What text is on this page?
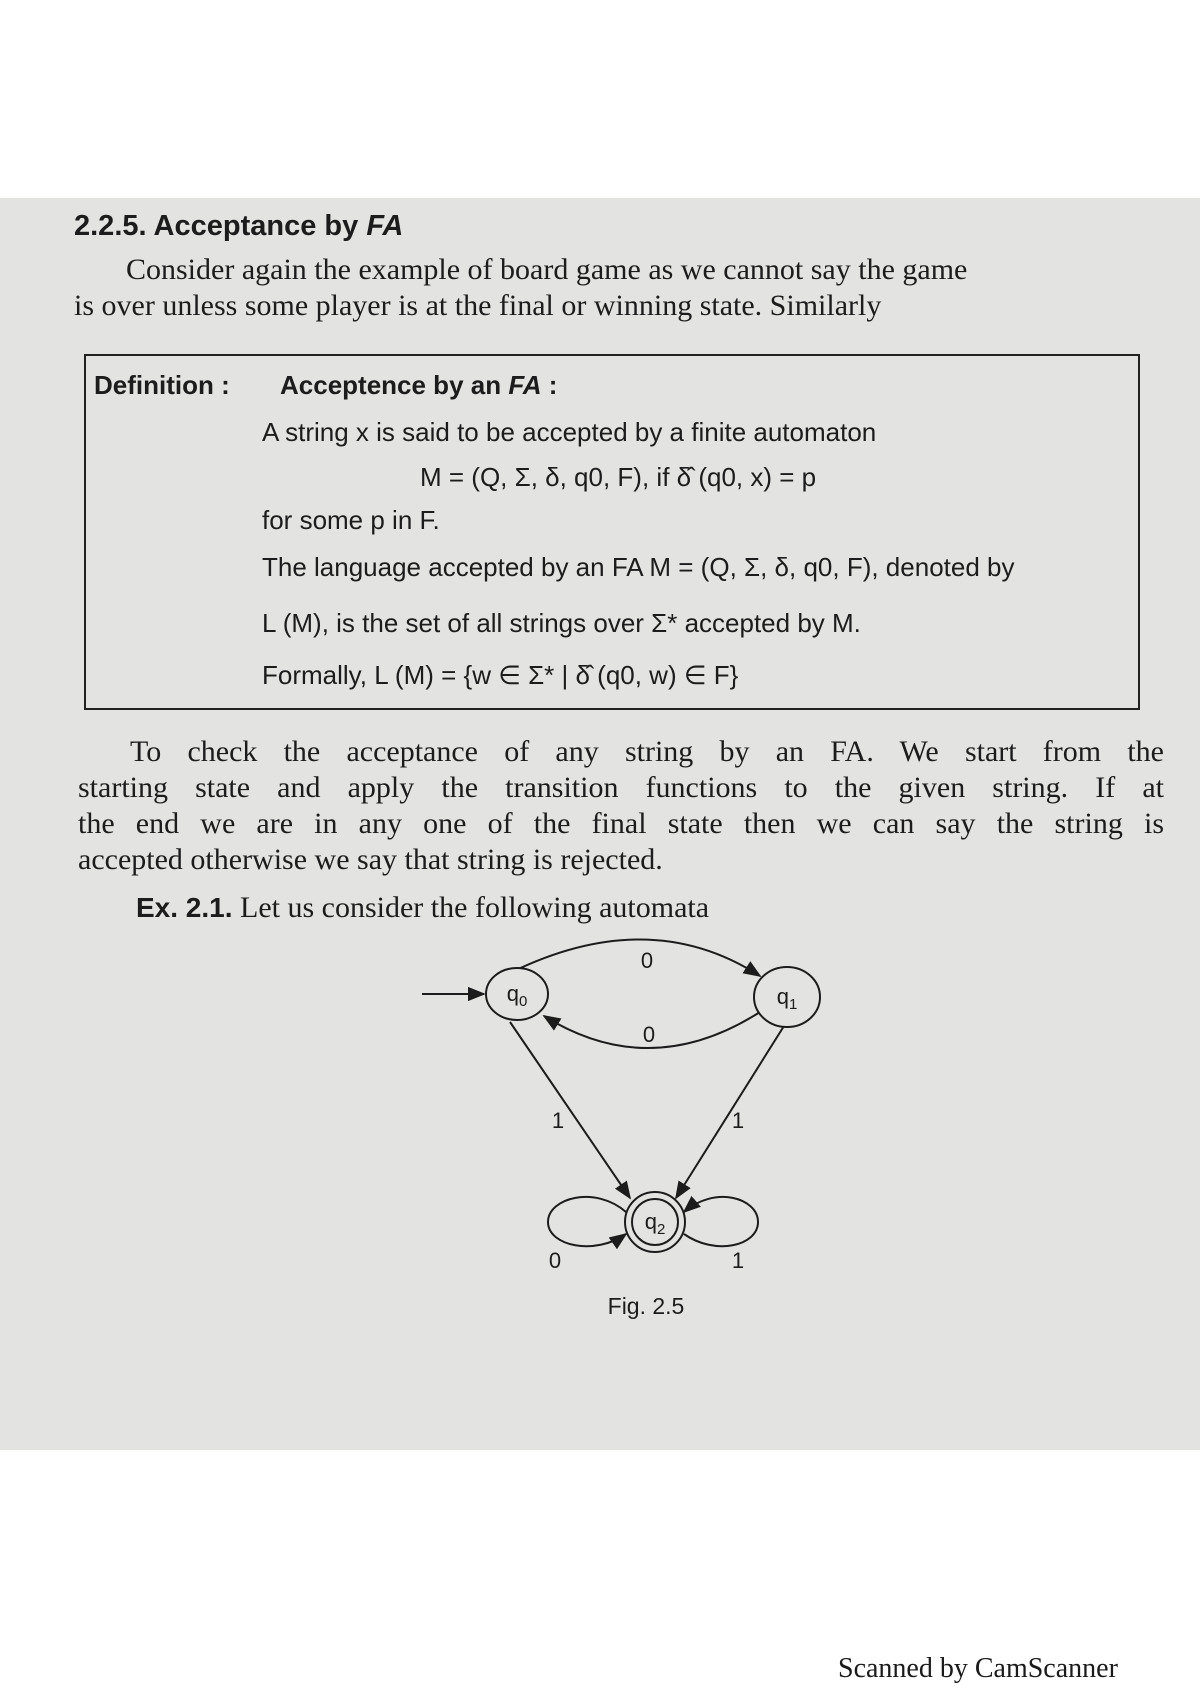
2.2.5. Acceptance by FA
Consider again the example of board game as we cannot say the game
is over unless some player is at the final or winning state. Similarly
Definition : Acceptence by an FA :
A string x is said to be accepted by a finite automaton
M = (Q, Σ, δ, q0, F), if δ̂ (q0, x) = p
for some p in F.
The language accepted by an FA M = (Q, Σ, δ, q0, F), denoted by
L (M), is the set of all strings over Σ* accepted by M.
Formally, L (M) = {w ∈ Σ* | δ̂ (q0, w) ∈ F}
To check the acceptance of any string by an FA. We start from the
starting state and apply the transition functions to the given string. If at
the end we are in any one of the final state then we can say the string is
accepted otherwise we say that string is rejected.
Ex. 2.1. Let us consider the following automata
$q_0$	$q_1$
$q_2$
0
0
1	1
0	1
Fig. 2.5
Scanned by CamScanner
